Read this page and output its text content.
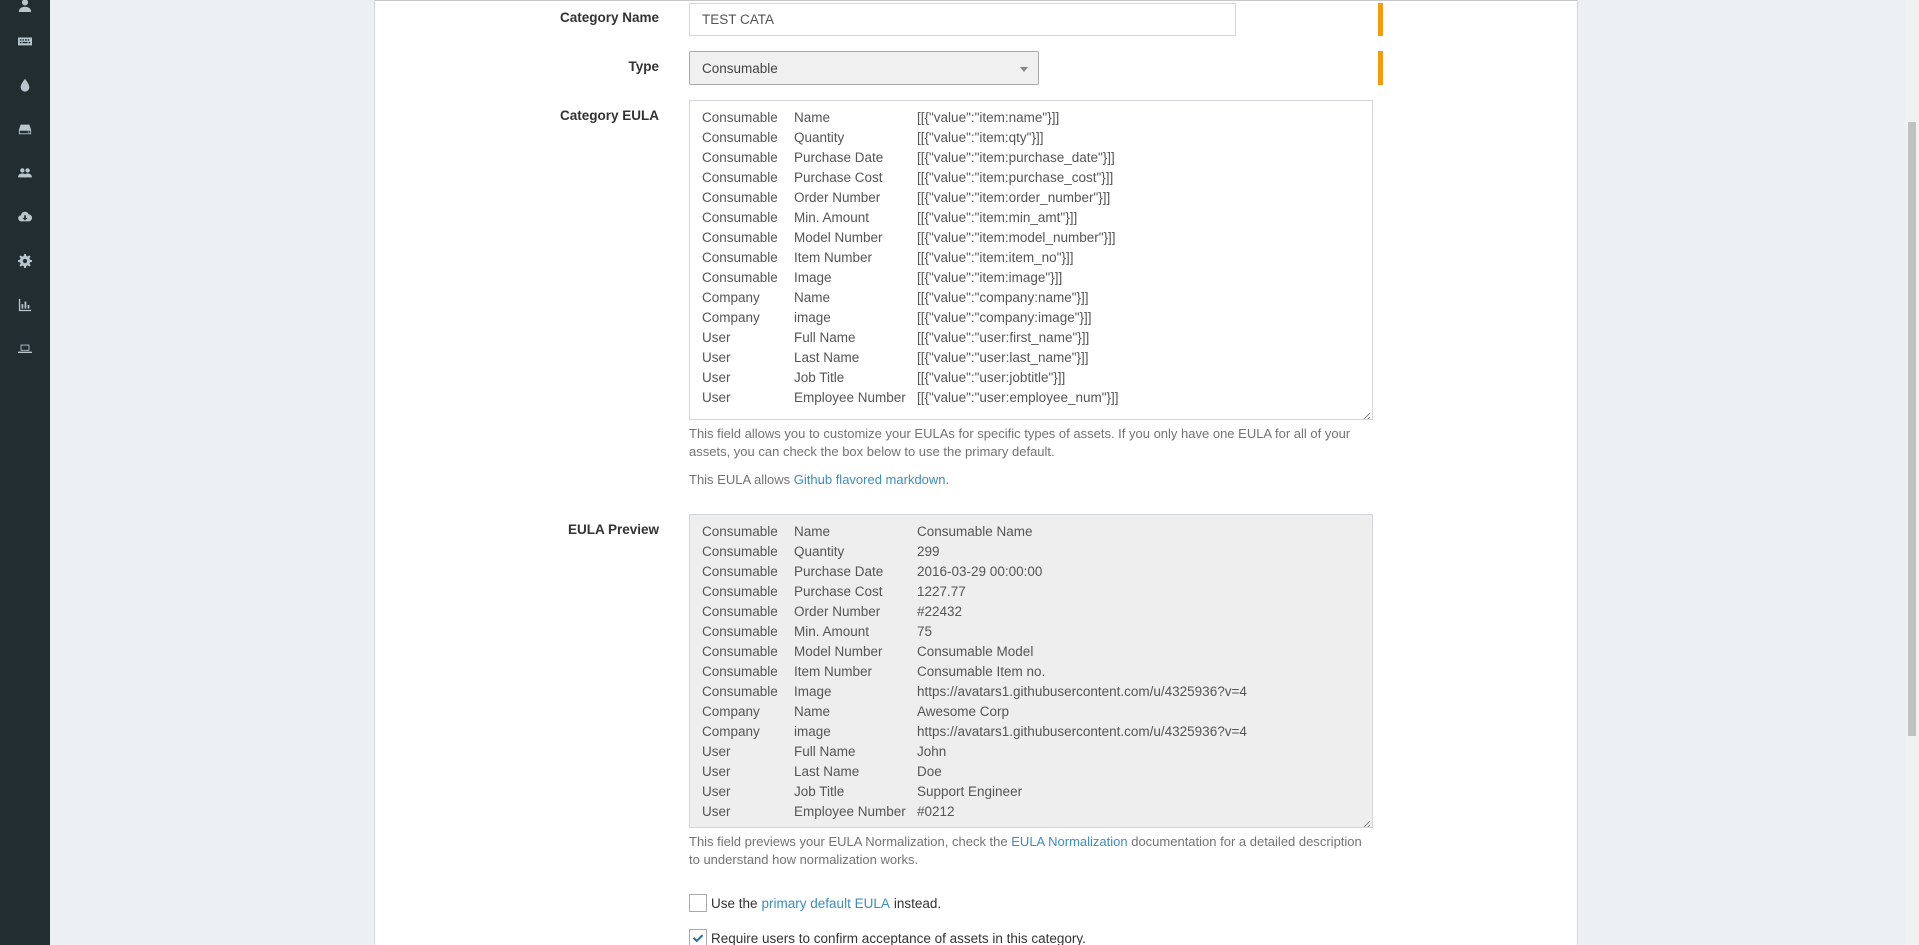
Category Name	TEST CATA
Type	Consumable
Category EULA	Consumable	Name	[[{"value":"item:name"}]]
Consumable	Quantity	[[{"value":"item:qty"}]]
Consumable	Purchase Date	[[{"value":"item:purchase_date"}]]
Consumable	Purchase Cost	[[{"value":"item:purchase_cost"}]]
Consumable	Order Number	[[{"value":"item:order_number"}]]
Consumable	Min. Amount	[[{"value":"item:min_amt"}]]
Consumable	Model Number	[[{"value":"item:model_number"}]]
Consumable	Item Number	[[{"value":"item:item_no"}]]
Consumable	Image	[[{"value":"item:image"}]]
Company	Name	[[{"value":"company:name"}]]
Company	image	[[{"value":"company:image"}]]
User	Full Name	[[{"value":"user:first_name"}]]
User	Last Name	[[{"value":"user:last_name"}]]
User	Job Title	[[{"value":"user:jobtitle"}]]
User	Employee Number [[{"value":"user:employee_num"}]]
This field allows you to customize your EULAs for specific types of assets. If you only have one EULA for all of your
assets, you can check the box below to use the primary default.
This EULA allows Github flavored markdown.
EULA Preview	Consumable	Name	Consumable Name
Consumable	Quantity	299
Consumable	Purchase Date	2016-03-29 00:00:00
Consumable	Purchase Cost	1227.77
Consumable	Order Number	#22432
Consumable	Min. Amount	75
Consumable	Model Number	Consumable Model
Consumable	Item Number	Consumable Item no.
Consumable	Image	https://avatars1.githubusercontent.com/u/4325936?v=4
Company	Name	Awesome Corp
Company	image	https://avatars1.githubusercontent.com/u/4325936?v=4
User	Full Name	John
User	Last Name	Doe
User	Job Title	Support Engineer
User	Employee Number #0212
This field previews your EULA Normalization, check the EULA Normalization documentation for a detailed description
to understand how normalization works.
Use the primary default EULA instead.
Require users to confirm acceptance of assets in this category.
